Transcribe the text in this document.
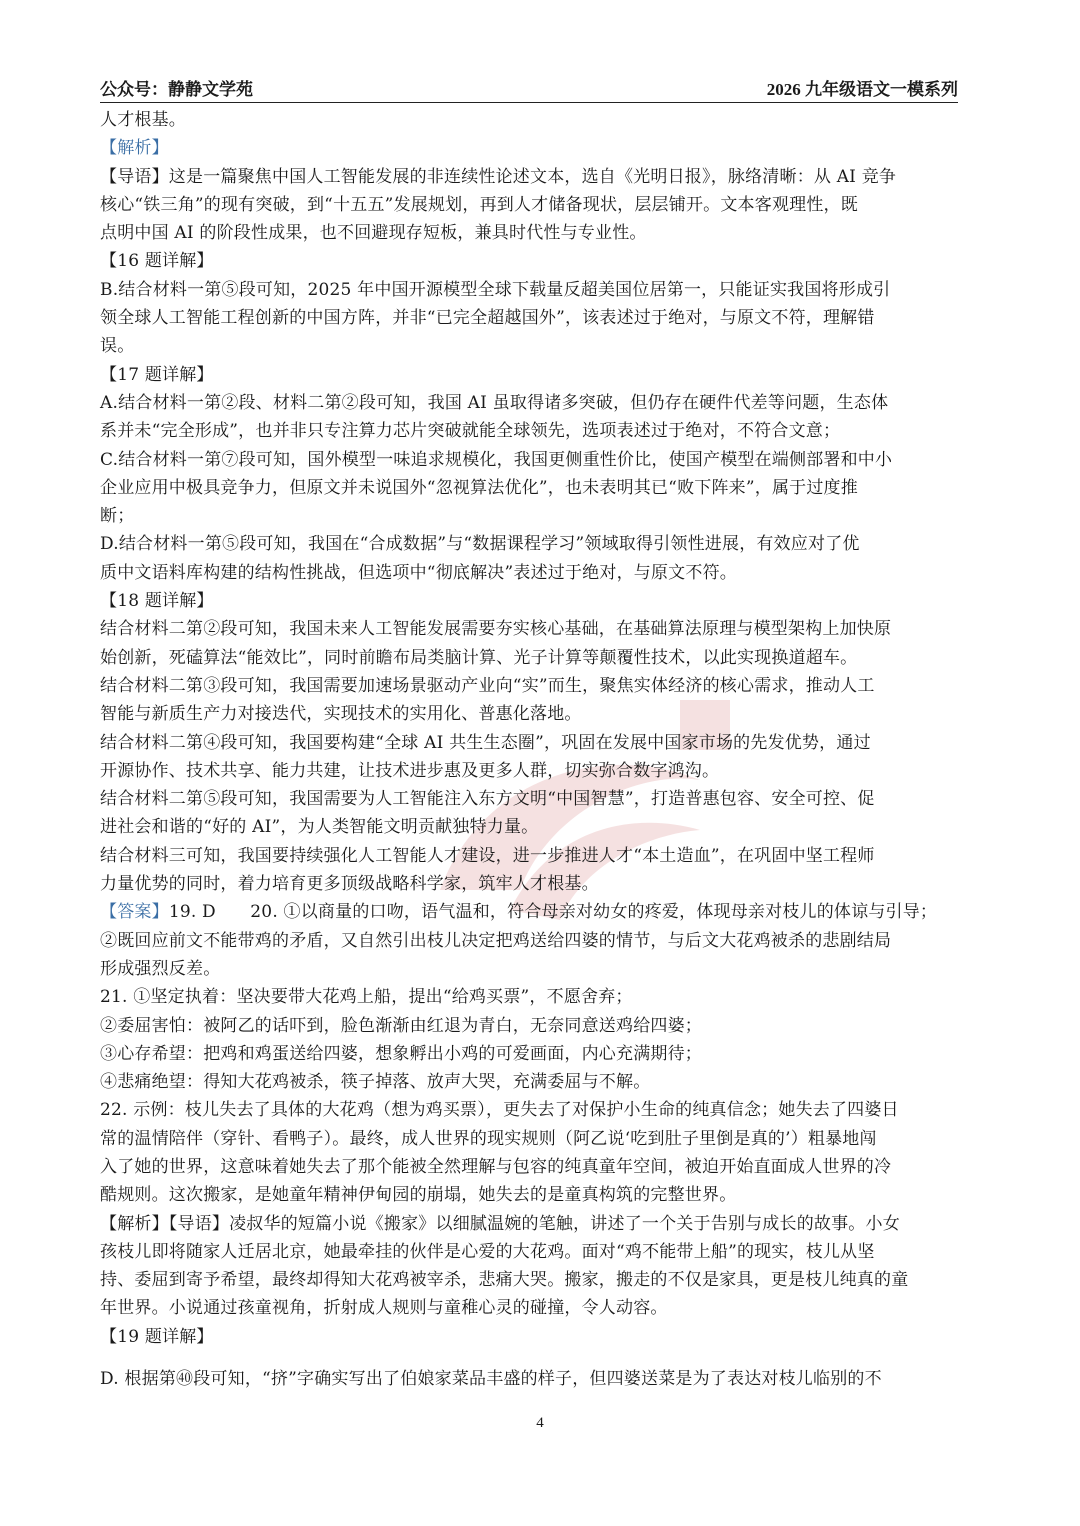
公众号：静静文学苑	2026 九年级语文一模系列

人才根基。

【解析】

【导语】这是一篇聚焦中国人工智能发展的非连续性论述文本，选自《光明日报》，脉络清晰：从 AI 竞争

核心“铁三角”的现有突破，到“十五五”发展规划，再到人才储备现状，层层铺开。文本客观理性，既

点明中国 AI 的阶段性成果，也不回避现存短板，兼具时代性与专业性。

【16 题详解】

B.结合材料一第⑤段可知，2025 年中国开源模型全球下载量反超美国位居第一，只能证实我国将形成引

领全球人工智能工程创新的中国方阵，并非“已完全超越国外”，该表述过于绝对，与原文不符，理解错

误。

【17 题详解】

A.结合材料一第②段、材料二第②段可知，我国 AI 虽取得诸多突破，但仍存在硬件代差等问题，生态体

系并未“完全形成”，也并非只专注算力芯片突破就能全球领先，选项表述过于绝对，不符合文意；

C.结合材料一第⑦段可知，国外模型一味追求规模化，我国更侧重性价比，使国产模型在端侧部署和中小

企业应用中极具竞争力，但原文并未说国外“忽视算法优化”，也未表明其已“败下阵来”，属于过度推

断；

D.结合材料一第⑤段可知，我国在“合成数据”与“数据课程学习”领域取得引领性进展，有效应对了优

质中文语料库构建的结构性挑战，但选项中“彻底解决”表述过于绝对，与原文不符。

【18 题详解】

结合材料二第②段可知，我国未来人工智能发展需要夯实核心基础，在基础算法原理与模型架构上加快原

始创新，死磕算法“能效比”，同时前瞻布局类脑计算、光子计算等颠覆性技术，以此实现换道超车。

结合材料二第③段可知，我国需要加速场景驱动产业向“实”而生，聚焦实体经济的核心需求，推动人工

智能与新质生产力对接迭代，实现技术的实用化、普惠化落地。

结合材料二第④段可知，我国要构建“全球 AI 共生生态圈”，巩固在发展中国家市场的先发优势，通过

开源协作、技术共享、能力共建，让技术进步惠及更多人群，切实弥合数字鸿沟。

结合材料二第⑤段可知，我国需要为人工智能注入东方文明“中国智慧”，打造普惠包容、安全可控、促

进社会和谐的“好的 AI”，为人类智能文明贡献独特力量。

结合材料三可知，我国要持续强化人工智能人才建设，进一步推进人才“本土造血”，在巩固中坚工程师

力量优势的同时，着力培育更多顶级战略科学家，筑牢人才根基。

【答案】19. D　　20. ①以商量的口吻，语气温和，符合母亲对幼女的疼爱，体现母亲对枝儿的体谅与引导；

②既回应前文不能带鸡的矛盾，又自然引出枝儿决定把鸡送给四婆的情节，与后文大花鸡被杀的悲剧结局

形成强烈反差。

21. ①坚定执着：坚决要带大花鸡上船，提出“给鸡买票”，不愿舍弃；

②委屈害怕：被阿乙的话吓到，脸色渐渐由红退为青白，无奈同意送鸡给四婆；

③心存希望：把鸡和鸡蛋送给四婆，想象孵出小鸡的可爱画面，内心充满期待；

④悲痛绝望：得知大花鸡被杀，筷子掉落、放声大哭，充满委屈与不解。

22. 示例：枝儿失去了具体的大花鸡（想为鸡买票），更失去了对保护小生命的纯真信念；她失去了四婆日

常的温情陪伴（穿针、看鸭子）。最终，成人世界的现实规则（阿乙说‘吃到肚子里倒是真的’）粗暴地闯

入了她的世界，这意味着她失去了那个能被全然理解与包容的纯真童年空间，被迫开始直面成人世界的冷

酷规则。这次搬家，是她童年精神伊甸园的崩塌，她失去的是童真构筑的完整世界。

【解析】【导语】凌叔华的短篇小说《搬家》以细腻温婉的笔触，讲述了一个关于告别与成长的故事。小女

孩枝儿即将随家人迁居北京，她最牵挂的伙伴是心爱的大花鸡。面对“鸡不能带上船”的现实，枝儿从坚

持、委屈到寄予希望，最终却得知大花鸡被宰杀，悲痛大哭。搬家，搬走的不仅是家具，更是枝儿纯真的童

年世界。小说通过孩童视角，折射成人规则与童稚心灵的碰撞，令人动容。

【19 题详解】

D. 根据第㊵段可知，“挤”字确实写出了伯娘家菜品丰盛的样子，但四婆送菜是为了表达对枝儿临别的不

4
